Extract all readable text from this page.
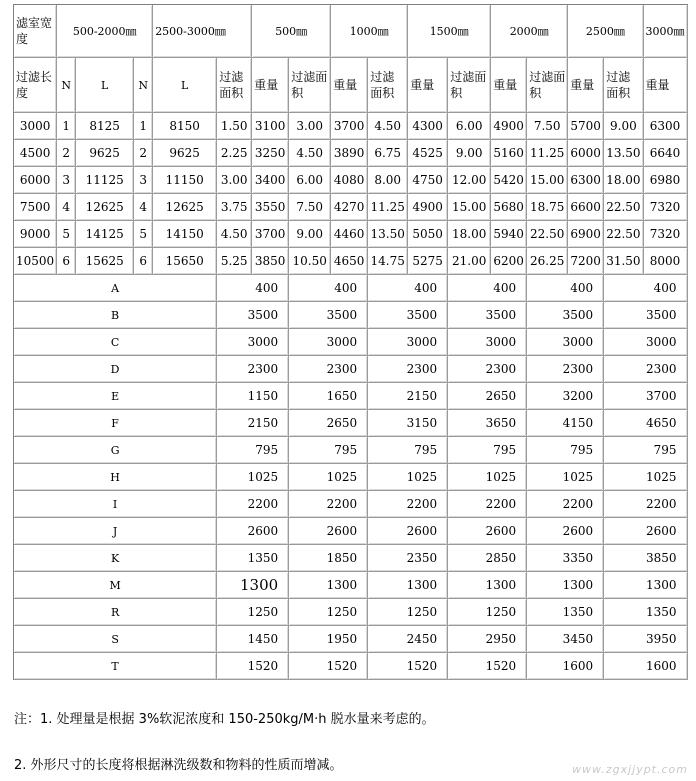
滤室宽度	500-2000㎜			2500-3000㎜		500㎜		1000㎜		1500㎜		2000㎜		2500㎜		3000㎜
过滤长度	N	L	N	L	过滤面积	重量	过滤面积	重量	过滤面积	重量	过滤面积	重量	过滤面积	重量	过滤面积	重量
3000	1	8125	1	8150	1.50	3100	3.00	3700	4.50	4300	6.00	4900	7.50	5700	9.00	6300
4500	2	9625	2	9625	2.25	3250	4.50	3890	6.75	4525	9.00	5160	11.25	6000	13.50	6640
6000	3	11125	3	11150	3.00	3400	6.00	4080	8.00	4750	12.00	5420	15.00	6300	18.00	6980
7500	4	12625	4	12625	3.75	3550	7.50	4270	11.25	4900	15.00	5680	18.75	6600	22.50	7320
9000	5	14125	5	14150	4.50	3700	9.00	4460	13.50	5050	18.00	5940	22.50	6900	22.50	7320
10500	6	15625	6	15650	5.25	3850	10.50	4650	14.75	5275	21.00	6200	26.25	7200	31.50	8000
A					400		400		400		400		400		400	
B					3500		3500		3500		3500		3500		3500	
C					3000		3000		3000		3000		3000		3000	
D					2300		2300		2300		2300		2300		2300	
E					1150		1650		2150		2650		3200		3700	
F					2150		2650		3150		3650		4150		4650	
G					795		795		795		795		795		795	
H					1025		1025		1025		1025		1025		1025	
I					2200		2200		2200		2200		2200		2200	
J					2600		2600		2600		2600		2600		2600	
K					1350		1850		2350		2850		3350		3850	
M					1300		1300		1300		1300		1300		1300	
R					1250		1250		1250		1250		1350		1350	
S					1450		1950		2450		2950		3450		3950	
T					1520		1520		1520		1520		1600		1600	
注：1. 处理量是根据 3%软泥浓度和 150-250kg/M·h 脱水量来考虑的。
2. 外形尺寸的长度将根据淋洗级数和物料的性质而增减。	www.zgxjjypt.com
